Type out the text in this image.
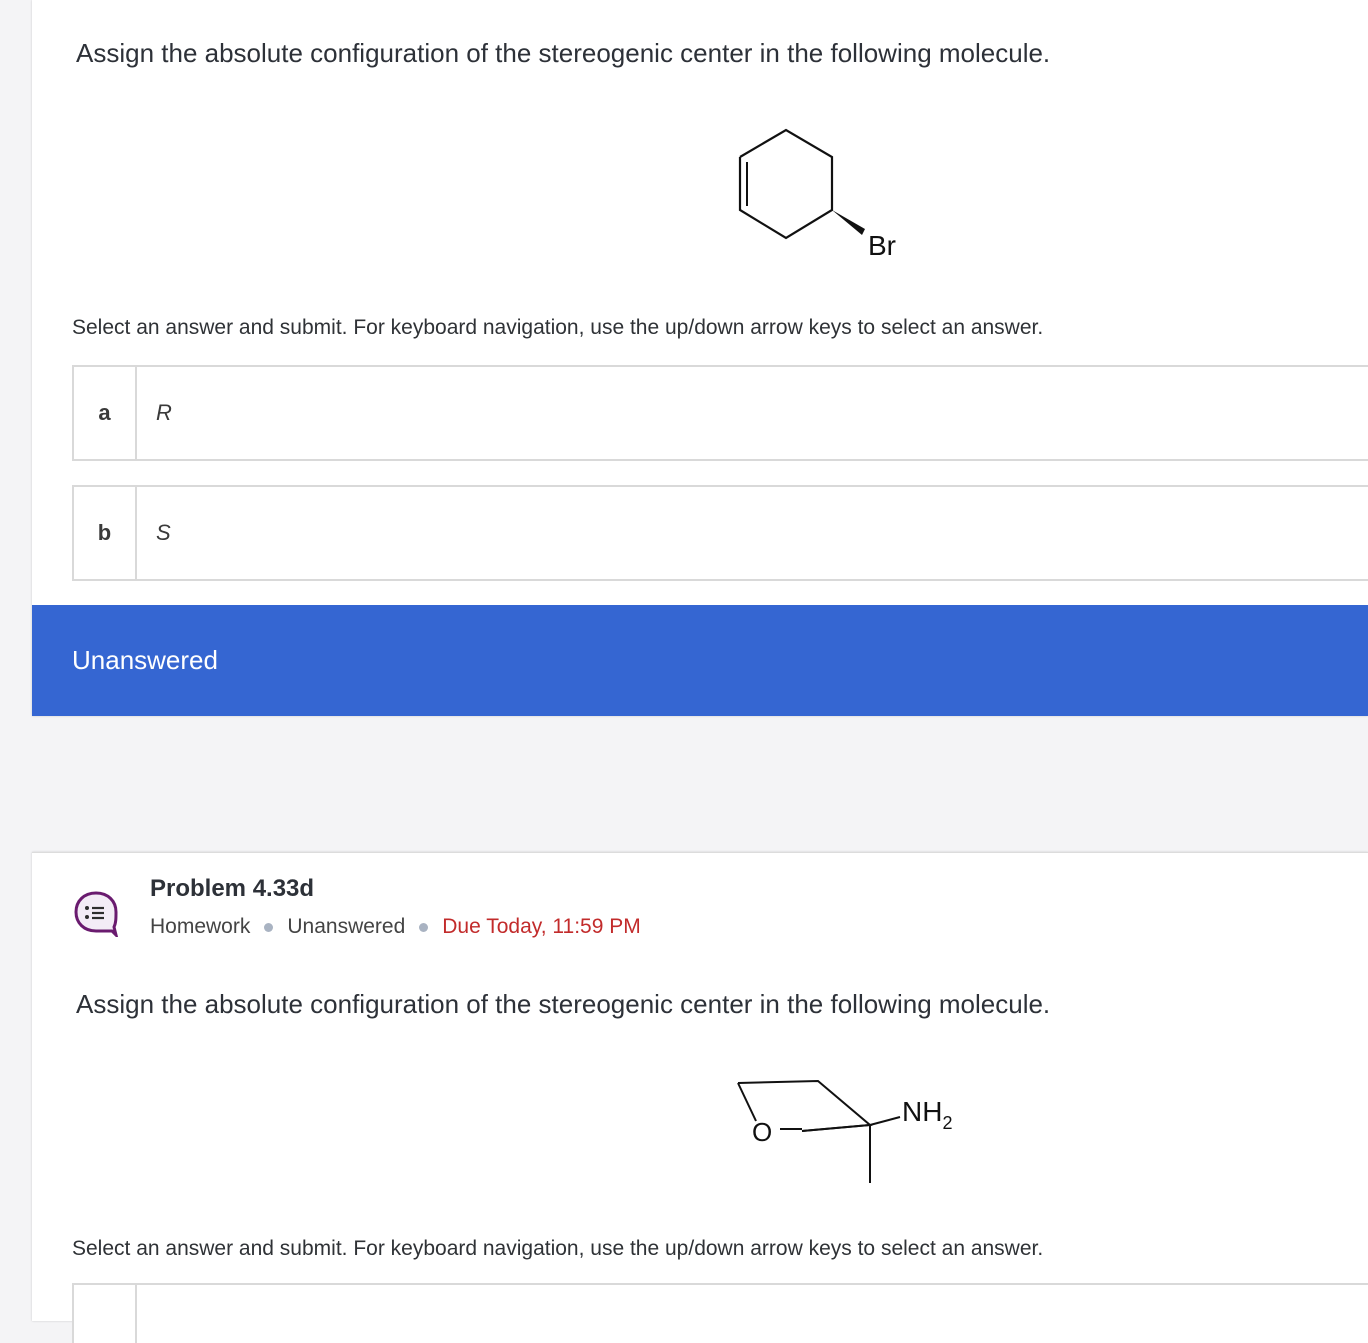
Assign the absolute configuration of the stereogenic center in the following molecule.
Br

Select an answer and submit. For keyboard navigation, use the up/down arrow keys to select an answer.

a	R
b	S
Unanswered
Problem 4.33d
Homework Unanswered Due Today, 11:59 PM
Assign the absolute configuration of the stereogenic center in the following molecule.
O
$NH_2$

Select an answer and submit. For keyboard navigation, use the up/down arrow keys to select an answer.
